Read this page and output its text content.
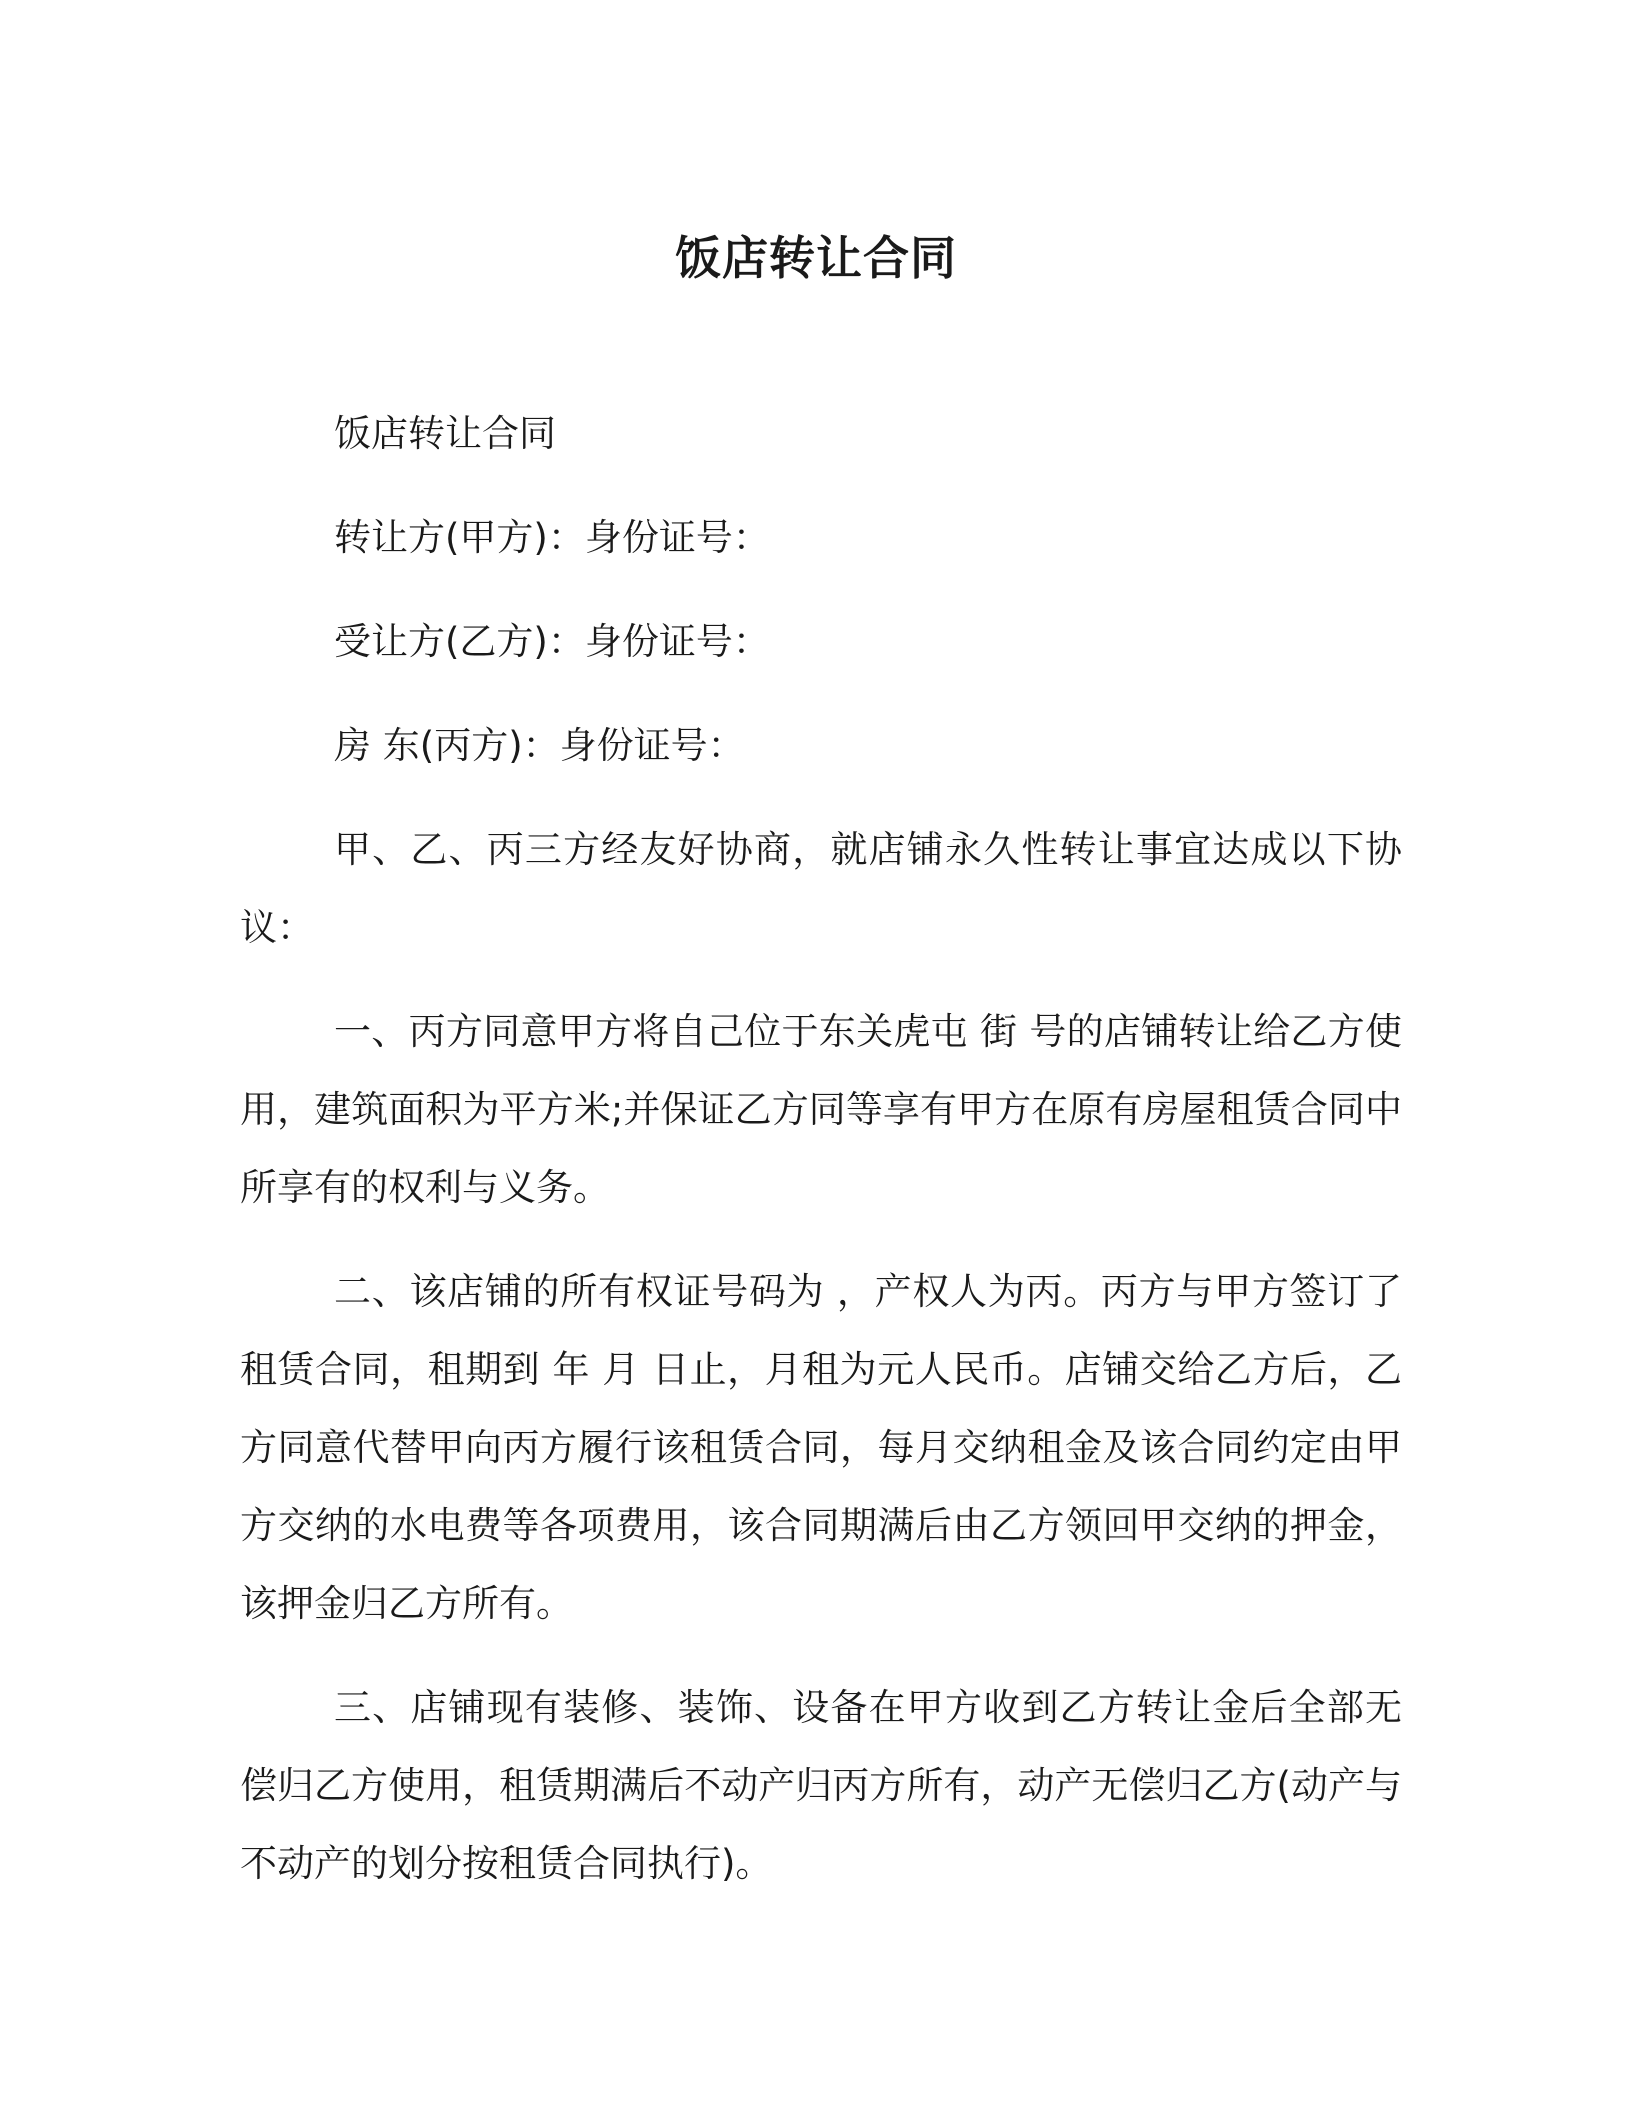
饭店转让合同

饭店转让合同

转让方(甲方)：身份证号：

受让方(乙方)：身份证号：

房 东(丙方)：身份证号：

甲、乙、丙三方经友好协商，就店铺永久性转让事宜达成以下协议：

一、丙方同意甲方将自己位于东关虎屯 街 号的店铺转让给乙方使用，建筑面积为平方米;并保证乙方同等享有甲方在原有房屋租赁合同中所享有的权利与义务。

二、该店铺的所有权证号码为 ，产权人为丙。丙方与甲方签订了租赁合同，租期到 年 月 日止，月租为元人民币。店铺交给乙方后，乙方同意代替甲向丙方履行该租赁合同，每月交纳租金及该合同约定由甲方交纳的水电费等各项费用，该合同期满后由乙方领回甲交纳的押金，该押金归乙方所有。

三、店铺现有装修、装饰、设备在甲方收到乙方转让金后全部无偿归乙方使用，租赁期满后不动产归丙方所有，动产无偿归乙方(动产与不动产的划分按租赁合同执行)。
